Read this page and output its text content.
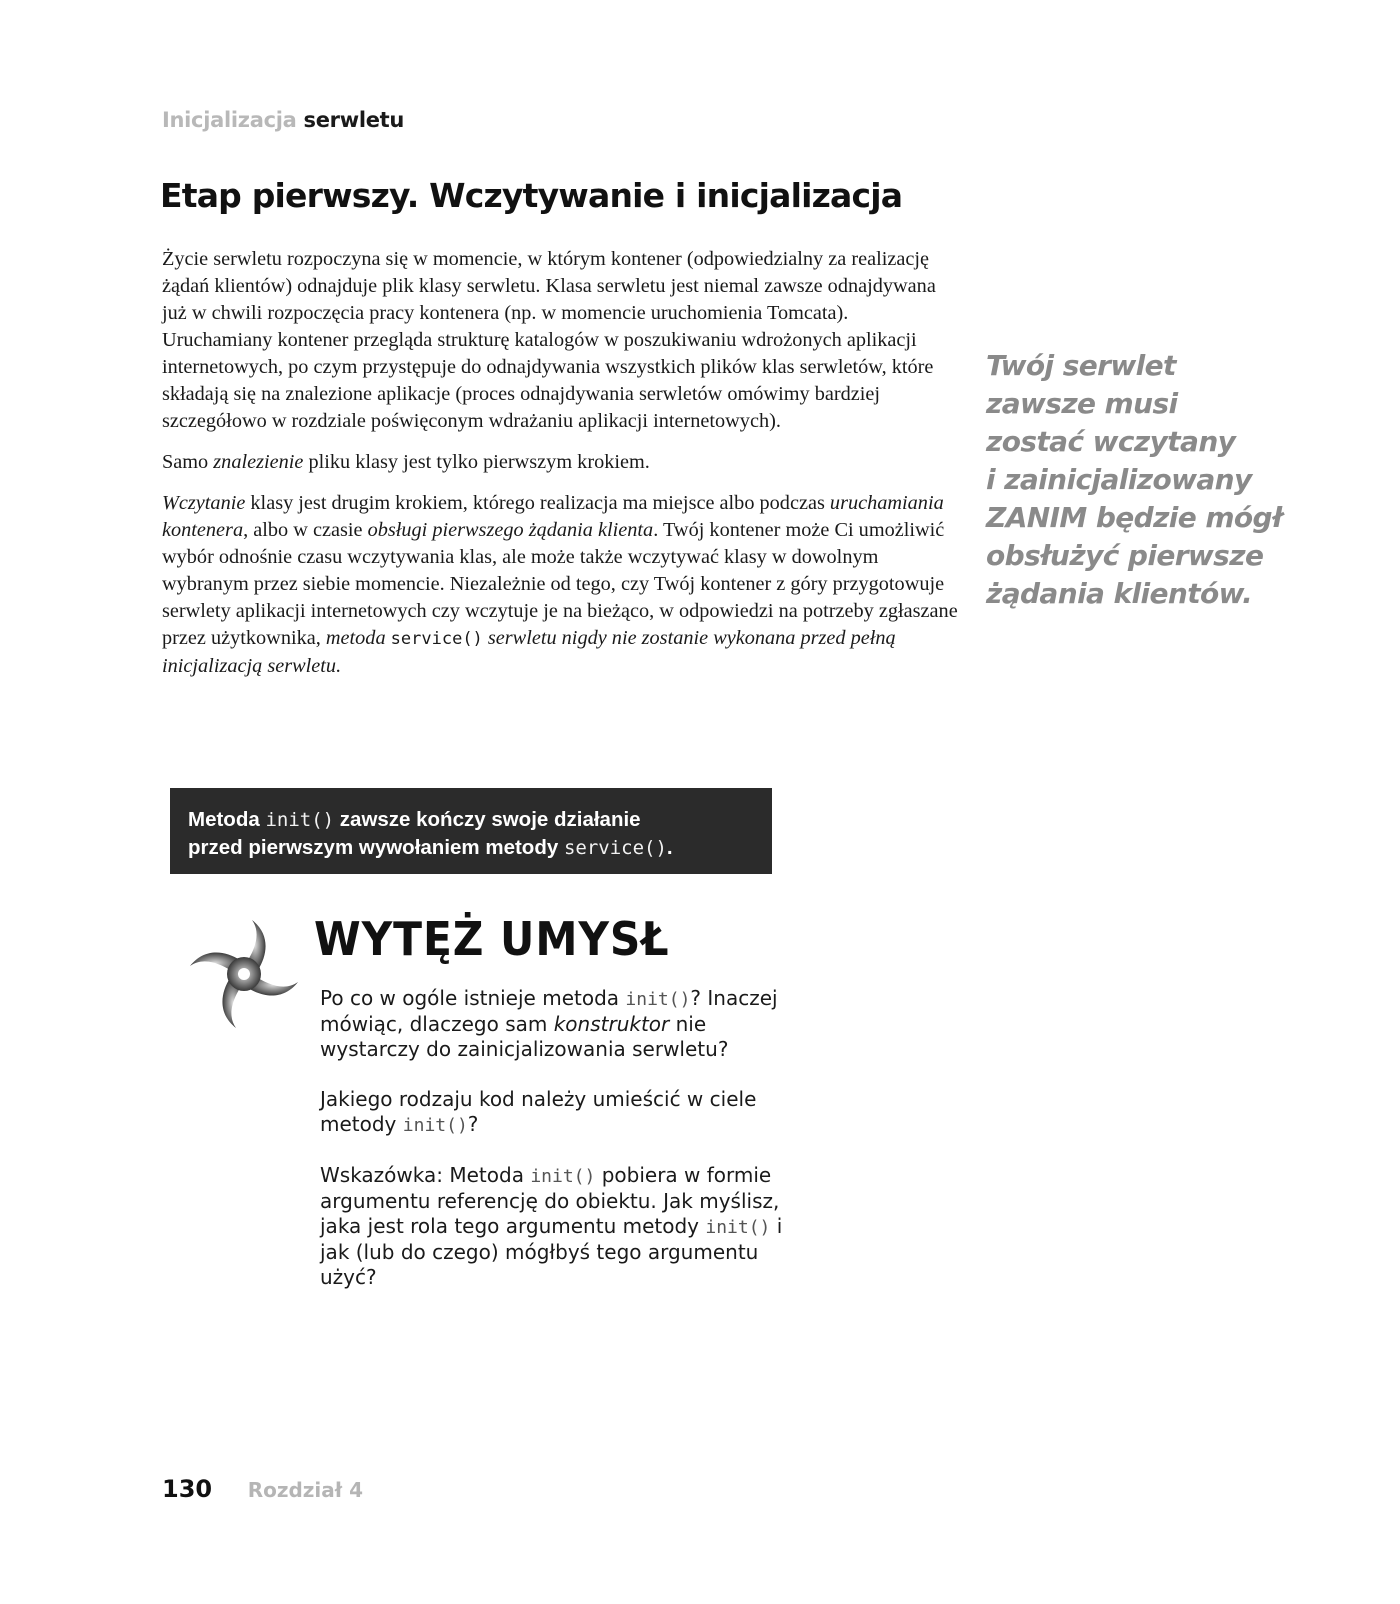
Inicjalizacja serwletu
Etap pierwszy. Wczytywanie i inicjalizacja

Życie serwletu rozpoczyna się w momencie, w którym kontener (odpowiedzialny za realizację żądań klientów) odnajduje plik klasy serwletu. Klasa serwletu jest niemal zawsze odnajdywana już w chwili rozpoczęcia pracy kontenera (np. w momencie uruchomienia Tomcata). Uruchamiany kontener przegląda strukturę katalogów w poszukiwaniu wdrożonych aplikacji internetowych, po czym przystępuje do odnajdywania wszystkich plików klas serwletów, które składają się na znalezione aplikacje (proces odnajdywania serwletów omówimy bardziej szczegółowo w rozdziale poświęconym wdrażaniu aplikacji internetowych).

Samo znalezienie pliku klasy jest tylko pierwszym krokiem.

Wczytanie klasy jest drugim krokiem, którego realizacja ma miejsce albo podczas uruchamiania kontenera, albo w czasie obsługi pierwszego żądania klienta. Twój kontener może Ci umożliwić wybór odnośnie czasu wczytywania klas, ale może także wczytywać klasy w dowolnym wybranym przez siebie momencie. Niezależnie od tego, czy Twój kontener z góry przygotowuje serwlety aplikacji internetowych czy wczytuje je na bieżąco, w odpowiedzi na potrzeby zgłaszane przez użytkownika, metoda service() serwletu nigdy nie zostanie wykonana przed pełną inicjalizacją serwletu.

Twój serwlet
zawsze musi
zostać wczytany
i zainicjalizowany
ZANIM będzie mógł
obsłużyć pierwsze
żądania klientów.
Metoda init() zawsze kończy swoje działanie
przed pierwszym wywołaniem metody service().
WYTĘŻ UMYSŁ

Po co w ogóle istnieje metoda init()? Inaczej mówiąc, dlaczego sam konstruktor nie wystarczy do zainicjalizowania serwletu?

Jakiego rodzaju kod należy umieścić w ciele metody init()?

Wskazówka: Metoda init() pobiera w formie argumentu referencję do obiektu. Jak myślisz, jaka jest rola tego argumentu metody init() i jak (lub do czego) mógłbyś tego argumentu użyć?

130 Rozdział 4
